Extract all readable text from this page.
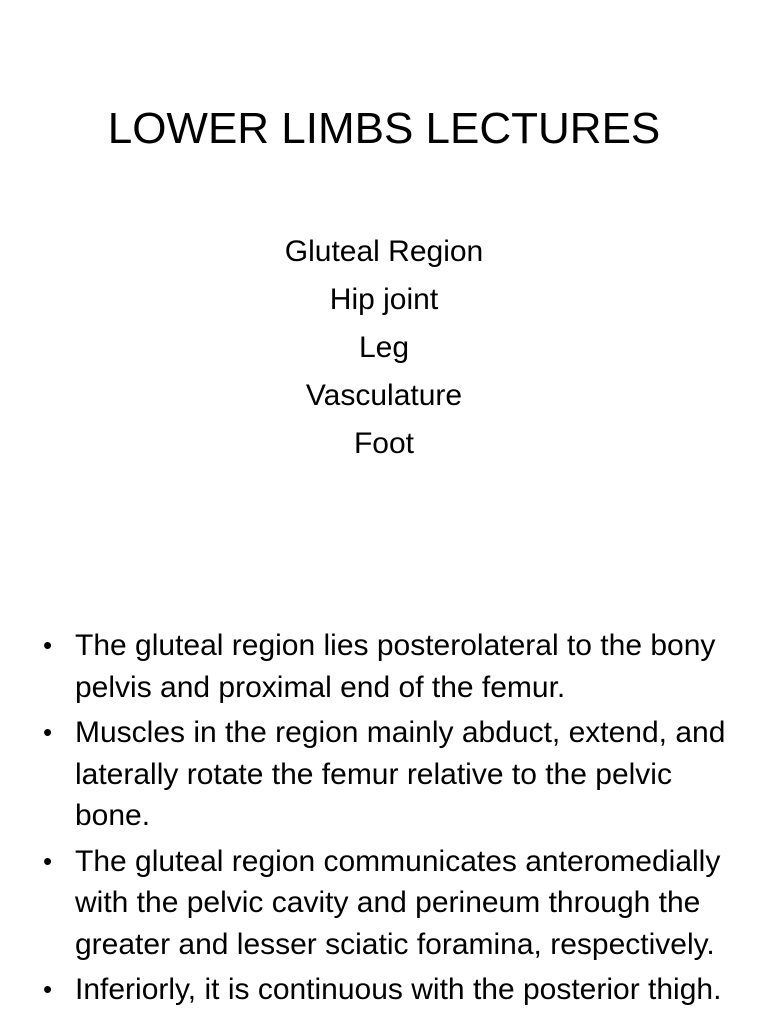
LOWER LIMBS LECTURES
Gluteal Region
Hip joint
Leg
Vasculature
Foot
• The gluteal region lies posterolateral to the bony pelvis and proximal end of the femur.
• Muscles in the region mainly abduct, extend, and laterally rotate the femur relative to the pelvic bone.
• The gluteal region communicates anteromedially with the pelvic cavity and perineum through the greater and lesser sciatic foramina, respectively.
• Inferiorly, it is continuous with the posterior thigh.
